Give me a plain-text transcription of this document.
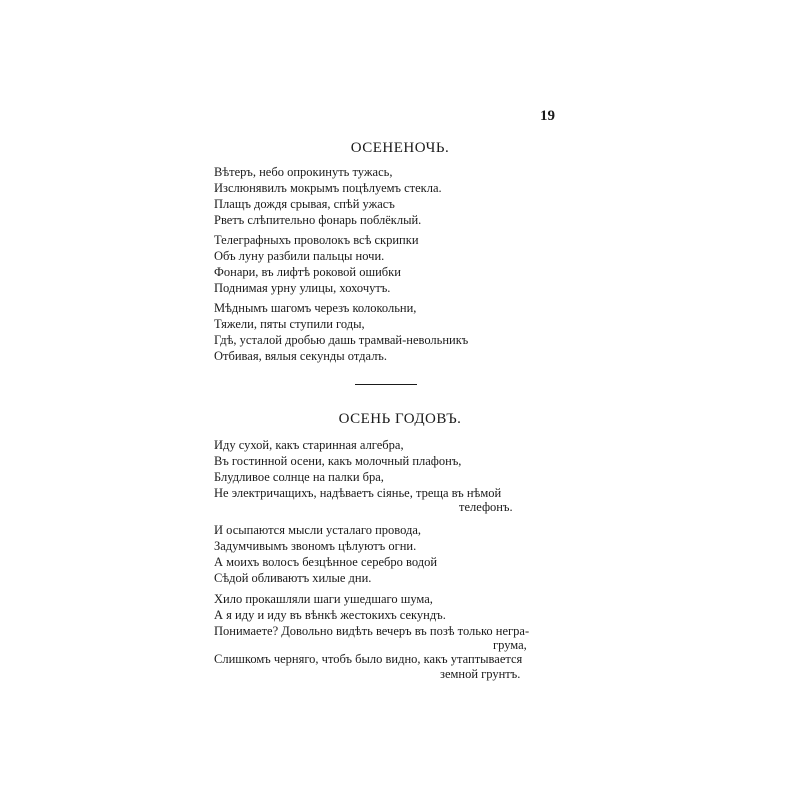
19
ОСЕНЕНОЧЬ.
Вѣтеръ, небо опрокинуть тужась,
Изслюнявилъ мокрымъ поцѣлуемъ стекла.
Плащъ дождя срывая, спѣй ужасъ
Рветъ слѣпительно фонарь поблёклый.
Телеграфныхъ проволокъ всѣ скрипки
Объ луну разбили пальцы ночи.
Фонари, въ лифтѣ роковой ошибки
Поднимая урну улицы, хохочутъ.
Мѣднымъ шагомъ черезъ колокольни,
Тяжели, пяты ступили годы,
Гдѣ, усталой дробью дашь трамвай-невольникъ
Отбивая, вялыя секунды отдалъ.
ОСЕНЬ ГОДОВЪ.
Иду сухой, какъ старинная алгебра,
Въ гостинной осени, какъ молочный плафонъ,
Блудливое солнце на палки бра,
Не электричащихъ, надѣваетъ сіянье, треща въ нѣмой
телефонъ.
И осыпаются мысли усталаго провода,
Задумчивымъ звономъ цѣлуютъ огни.
А моихъ волосъ безцѣнное серебро водой
Сѣдой обливаютъ хилые дни.
Хило прокашляли шаги ушедшаго шума,
А я иду и иду въ вѣнкѣ жестокихъ секундъ.
Понимаете? Довольно видѣть вечеръ въ позѣ только негра-
грума,
Слишкомъ черняго, чтобъ было видно, какъ утаптывается
земной грунтъ.
